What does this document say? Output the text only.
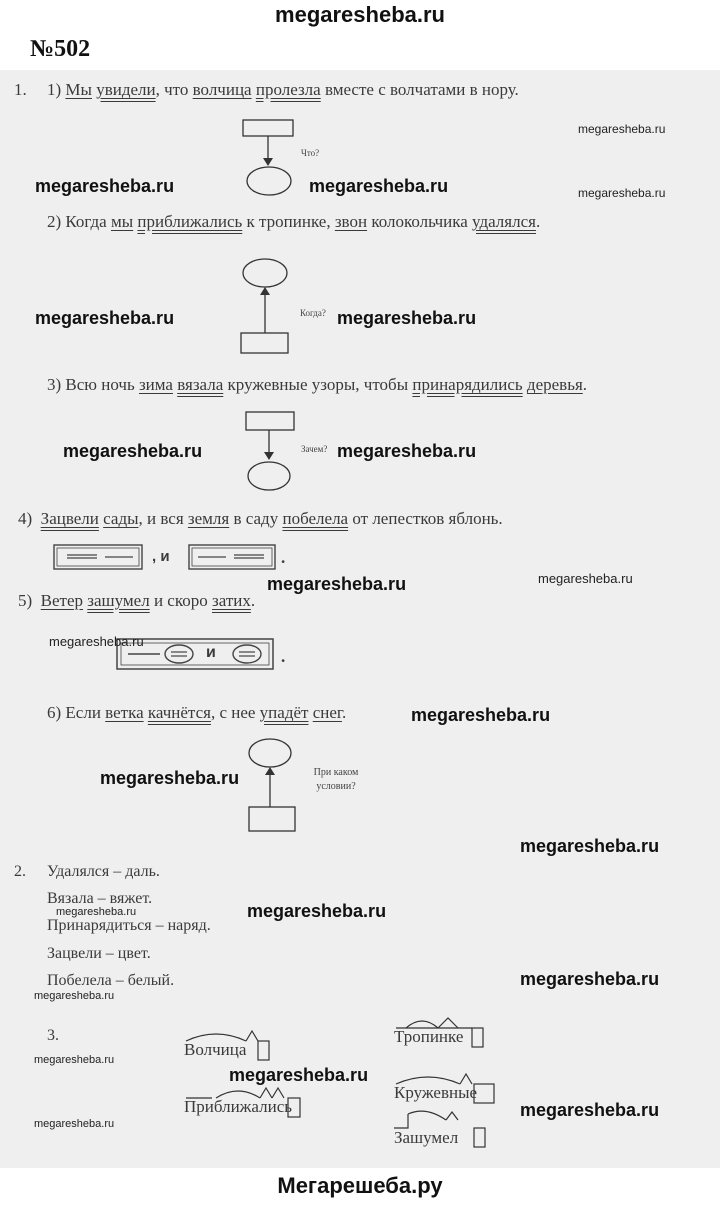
megaresheba.ru
№502
1. 1) Мы увидели, что волчица пролезла вместе с волчатами в нору.
Что?
2) Когда мы приближались к тропинке, звон колокольчика удалялся.
Когда?
3) Всю ночь зима вязала кружевные узоры, чтобы принарядились деревья.
Зачем?
4) Зацвели сады, и вся земля в саду побелела от лепестков яблонь.
, и	.
5) Ветер зашумел и скоро затих.
и	.
6) Если ветка качнётся, с нее упадёт снег.
При каком условии?
2. Удалялся – даль.
Вязала – вяжет.
Принарядиться – наряд.
Зацвели – цвет.
Побелела – белый.
3.
Волчица
Тропинке
Приближались
Кружевные
Зашумел
megaresheba.ru	megaresheba.ru
megaresheba.ru
megaresheba.ru
megaresheba.ru	megaresheba.ru
megaresheba.ru	megaresheba.ru
megaresheba.ru	megaresheba.ru
megaresheba.ru
megaresheba.ru
megaresheba.ru
megaresheba.ru
megaresheba.ru	megaresheba.ru
megaresheba.ru
megaresheba.ru
megaresheba.ru
megaresheba.ru
megaresheba.ru
megaresheba.ru
Мегарешеба.ру
